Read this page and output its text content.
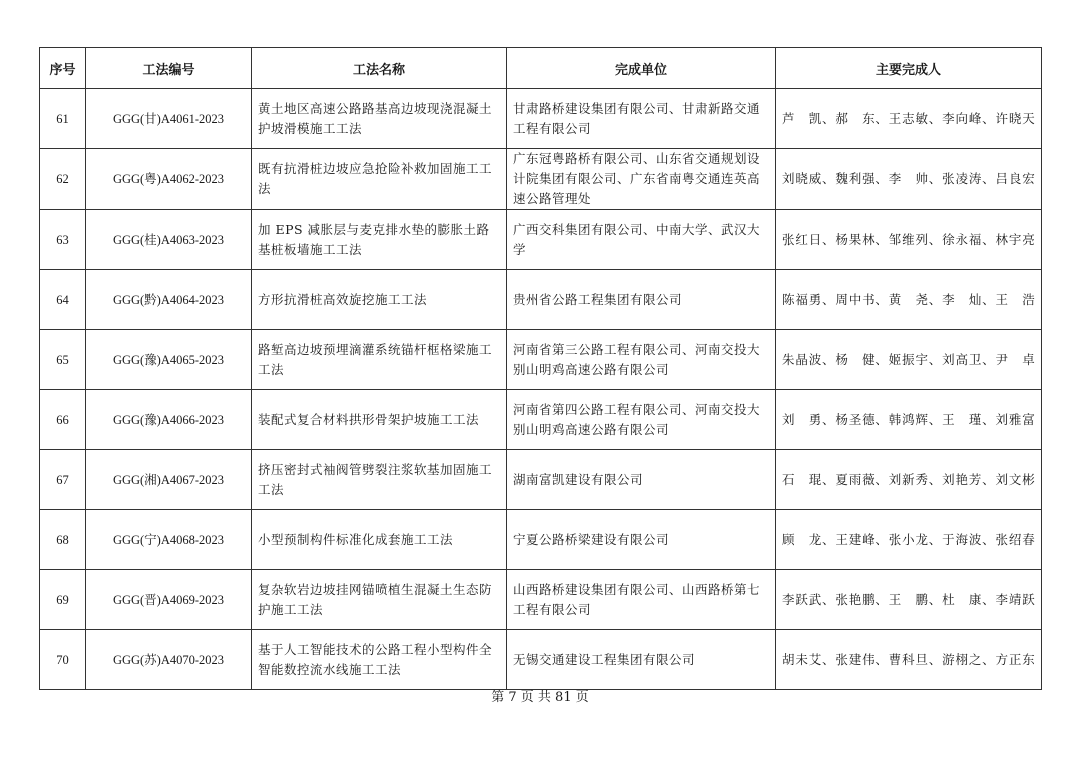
序号	工法编号	工法名称	完成单位	主要完成人
61	GGG(甘)A4061-2023	黄土地区高速公路路基高边坡现浇混凝土护坡滑模施工工法	甘肃路桥建设集团有限公司、甘肃新路交通工程有限公司	芦　凯、郝　东、王志敏、李向峰、许晓天
62	GGG(粤)A4062-2023	既有抗滑桩边坡应急抢险补救加固施工工法	广东冠粤路桥有限公司、山东省交通规划设计院集团有限公司、广东省南粤交通连英高速公路管理处	刘晓威、魏利强、李　帅、张凌涛、吕良宏
63	GGG(桂)A4063-2023	加 EPS 减胀层与麦克排水垫的膨胀土路基桩板墙施工工法	广西交科集团有限公司、中南大学、武汉大学	张红日、杨果林、邹维列、徐永福、林宇亮
64	GGG(黔)A4064-2023	方形抗滑桩高效旋挖施工工法	贵州省公路工程集团有限公司	陈福勇、周中书、黄　尧、李　灿、王　浩
65	GGG(豫)A4065-2023	路堑高边坡预埋滴灌系统锚杆框格梁施工工法	河南省第三公路工程有限公司、河南交投大别山明鸡高速公路有限公司	朱晶波、杨　健、姬振宇、刘高卫、尹　卓
66	GGG(豫)A4066-2023	装配式复合材料拱形骨架护坡施工工法	河南省第四公路工程有限公司、河南交投大别山明鸡高速公路有限公司	刘　勇、杨圣德、韩鸿辉、王　瑾、刘雅富
67	GGG(湘)A4067-2023	挤压密封式袖阀管劈裂注浆软基加固施工工法	湖南富凯建设有限公司	石　琨、夏雨薇、刘新秀、刘艳芳、刘文彬
68	GGG(宁)A4068-2023	小型预制构件标准化成套施工工法	宁夏公路桥梁建设有限公司	顾　龙、王建峰、张小龙、于海波、张绍春
69	GGG(晋)A4069-2023	复杂软岩边坡挂网锚喷植生混凝土生态防护施工工法	山西路桥建设集团有限公司、山西路桥第七工程有限公司	李跃武、张艳鹏、王　鹏、杜　康、李靖跃
70	GGG(苏)A4070-2023	基于人工智能技术的公路工程小型构件全智能数控流水线施工工法	无锡交通建设工程集团有限公司	胡未艾、张建伟、曹科旦、游栩之、方正东
第 7 页 共 81 页
